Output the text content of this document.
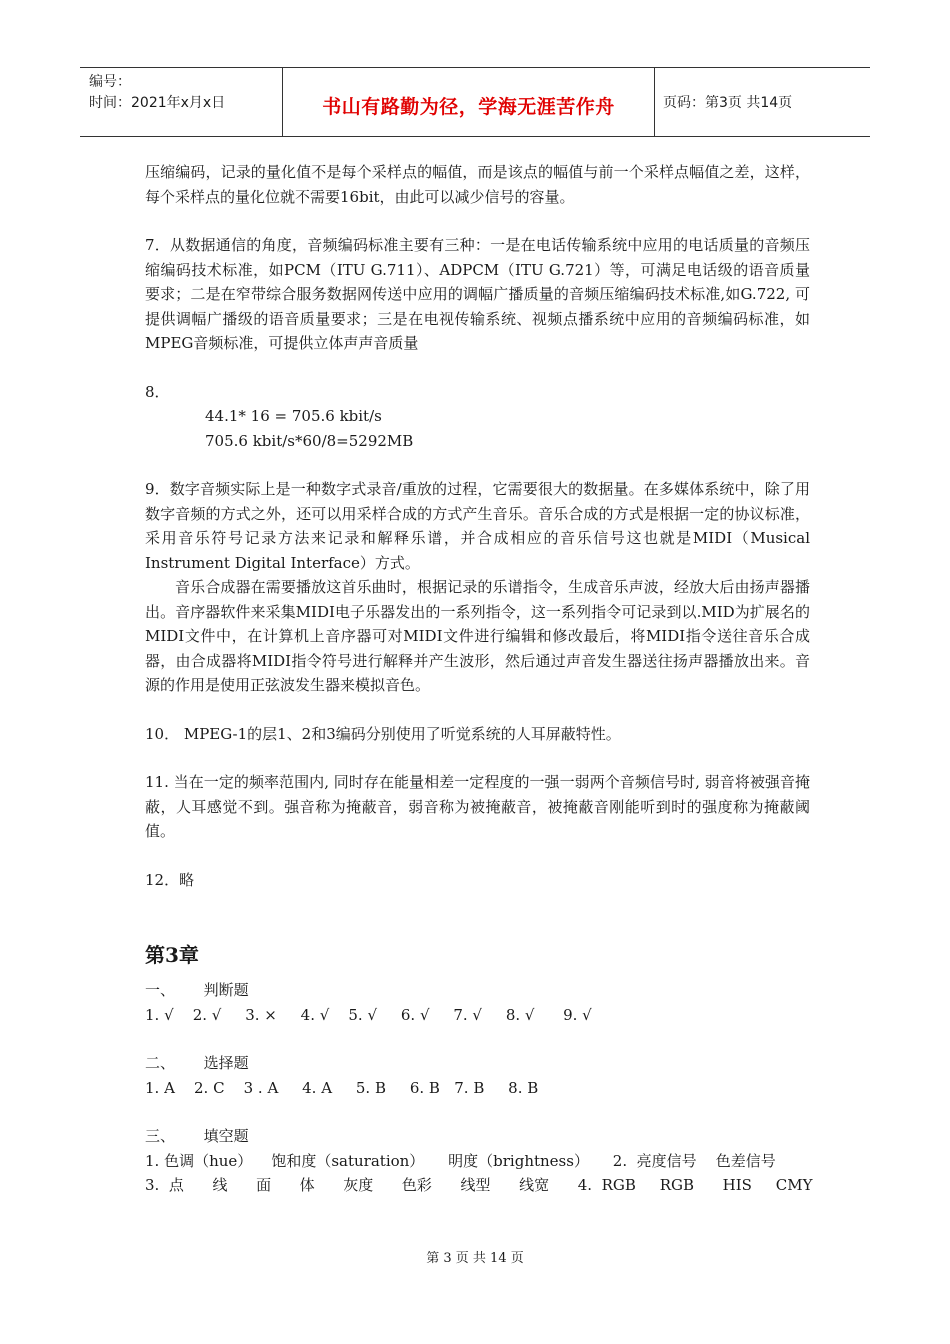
编号：
时间：2021年x月x日	书山有路勤为径，学海无涯苦作舟	页码：第3页 共14页

压缩编码，记录的量化值不是每个采样点的幅值，而是该点的幅值与前一个采样点幅值之差，这样，每个采样点的量化位就不需要16bit，由此可以减少信号的容量。

7．从数据通信的角度，音频编码标准主要有三种：一是在电话传输系统中应用的电话质量的音频压缩编码技术标准，如PCM（ITU G.711）、ADPCM（ITU G.721）等，可满足电话级的语音质量要求；二是在窄带综合服务数据网传送中应用的调幅广播质量的音频压缩编码技术标准,如G.722, 可提供调幅广播级的语音质量要求；三是在电视传输系统、视频点播系统中应用的音频编码标准，如MPEG音频标准，可提供立体声声音质量

8．

44.1* 16 = 705.6 kbit/s

705.6 kbit/s*60/8=5292MB

9．数字音频实际上是一种数字式录音/重放的过程，它需要很大的数据量。在多媒体系统中，除了用数字音频的方式之外，还可以用采样合成的方式产生音乐。音乐合成的方式是根据一定的协议标准，采用音乐符号记录方法来记录和解释乐谱，并合成相应的音乐信号这也就是MIDI（Musical Instrument Digital Interface）方式。

音乐合成器在需要播放这首乐曲时，根据记录的乐谱指令，生成音乐声波，经放大后由扬声器播出。音序器软件来采集MIDI电子乐器发出的一系列指令，这一系列指令可记录到以.MID为扩展名的MIDI文件中，在计算机上音序器可对MIDI文件进行编辑和修改最后，将MIDI指令送往音乐合成器，由合成器将MIDI指令符号进行解释并产生波形，然后通过声音发生器送往扬声器播放出来。音源的作用是使用正弦波发生器来模拟音色。

10． MPEG-1的层1、2和3编码分别使用了听觉系统的人耳屏蔽特性。

11. 当在一定的频率范围内, 同时存在能量相差一定程度的一强一弱两个音频信号时, 弱音将被强音掩蔽，人耳感觉不到。强音称为掩蔽音，弱音称为被掩蔽音，被掩蔽音刚能听到时的强度称为掩蔽阈值。

12．略

第3章

一、      判断题

1. √    2. √     3. ×     4. √    5. √     6. √     7. √     8. √      9. √

二、      选择题

1. A    2. C    3 . A     4. A     5. B     6. B   7. B     8. B

三、      填空题

1. 色调（hue）    饱和度（saturation）     明度（brightness）     2.  亮度信号    色差信号

3.  点      线      面      体      灰度      色彩      线型      线宽      4.  RGB     RGB      HIS     CMY

第 3 页 共 14 页
